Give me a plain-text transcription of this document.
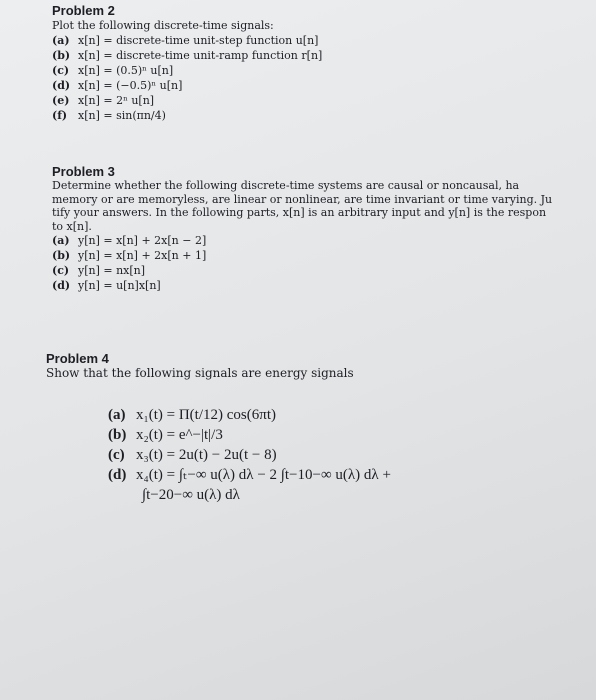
Problem 2
Plot the following discrete-time signals:
(a) x[n] = discrete-time unit-step function u[n]
(b) x[n] = discrete-time unit-ramp function r[n]
(c) x[n] = (0.5)ⁿ u[n]
(d) x[n] = (−0.5)ⁿ u[n]
(e) x[n] = 2ⁿ u[n]
(f) x[n] = sin(πn/4)
Problem 3
Determine whether the following discrete-time systems are causal or noncausal, ha
memory or are memoryless, are linear or nonlinear, are time invariant or time varying. Ju
tify your answers. In the following parts, x[n] is an arbitrary input and y[n] is the respon
to x[n].
(a) y[n] = x[n] + 2x[n − 2]
(b) y[n] = x[n] + 2x[n + 1]
(c) y[n] = nx[n]
(d) y[n] = u[n]x[n]
Problem 4
Show that the following signals are energy signals
(a) x₁(t) = Π(t/12) cos(6πt)
(b) x₂(t) = e^−|t|/3
(c) x₃(t) = 2u(t) − 2u(t − 8)
(d) x₄(t) = ∫ₜ−∞ u(λ) dλ − 2 ∫t−10−∞ u(λ) dλ +
∫t−20−∞ u(λ) dλ
